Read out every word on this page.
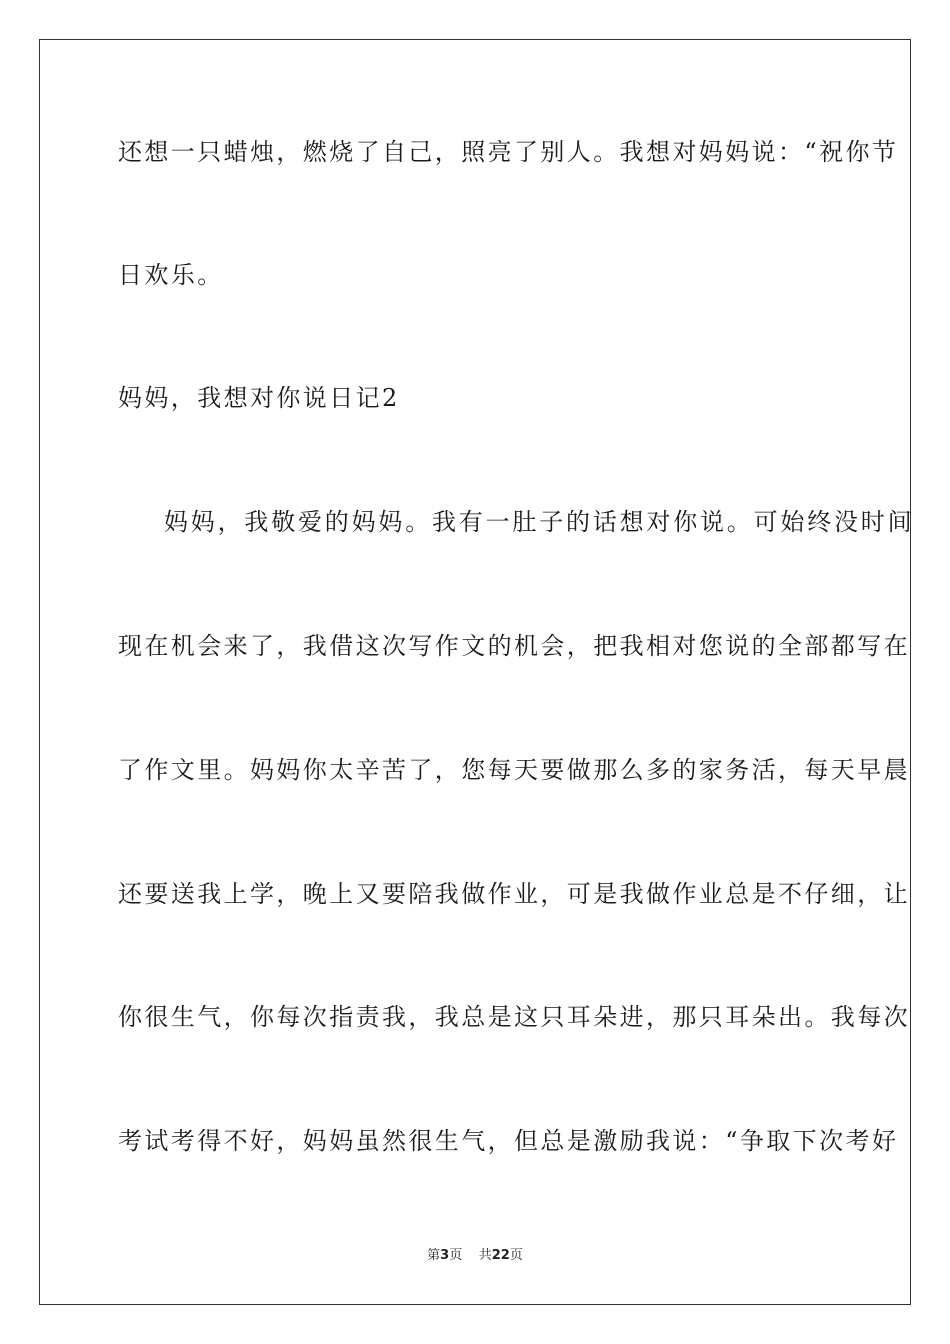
还想一只蜡烛，燃烧了自己，照亮了别人。我想对妈妈说：“祝你节
日欢乐。
妈妈，我想对你说日记2
妈妈，我敬爱的妈妈。我有一肚子的话想对你说。可始终没时间
现在机会来了，我借这次写作文的机会，把我相对您说的全部都写在
了作文里。妈妈你太辛苦了，您每天要做那么多的家务活，每天早晨
还要送我上学，晚上又要陪我做作业，可是我做作业总是不仔细，让
你很生气，你每次指责我，我总是这只耳朵进，那只耳朵出。我每次
考试考得不好，妈妈虽然很生气，但总是激励我说：“争取下次考好
第3页 共22页
